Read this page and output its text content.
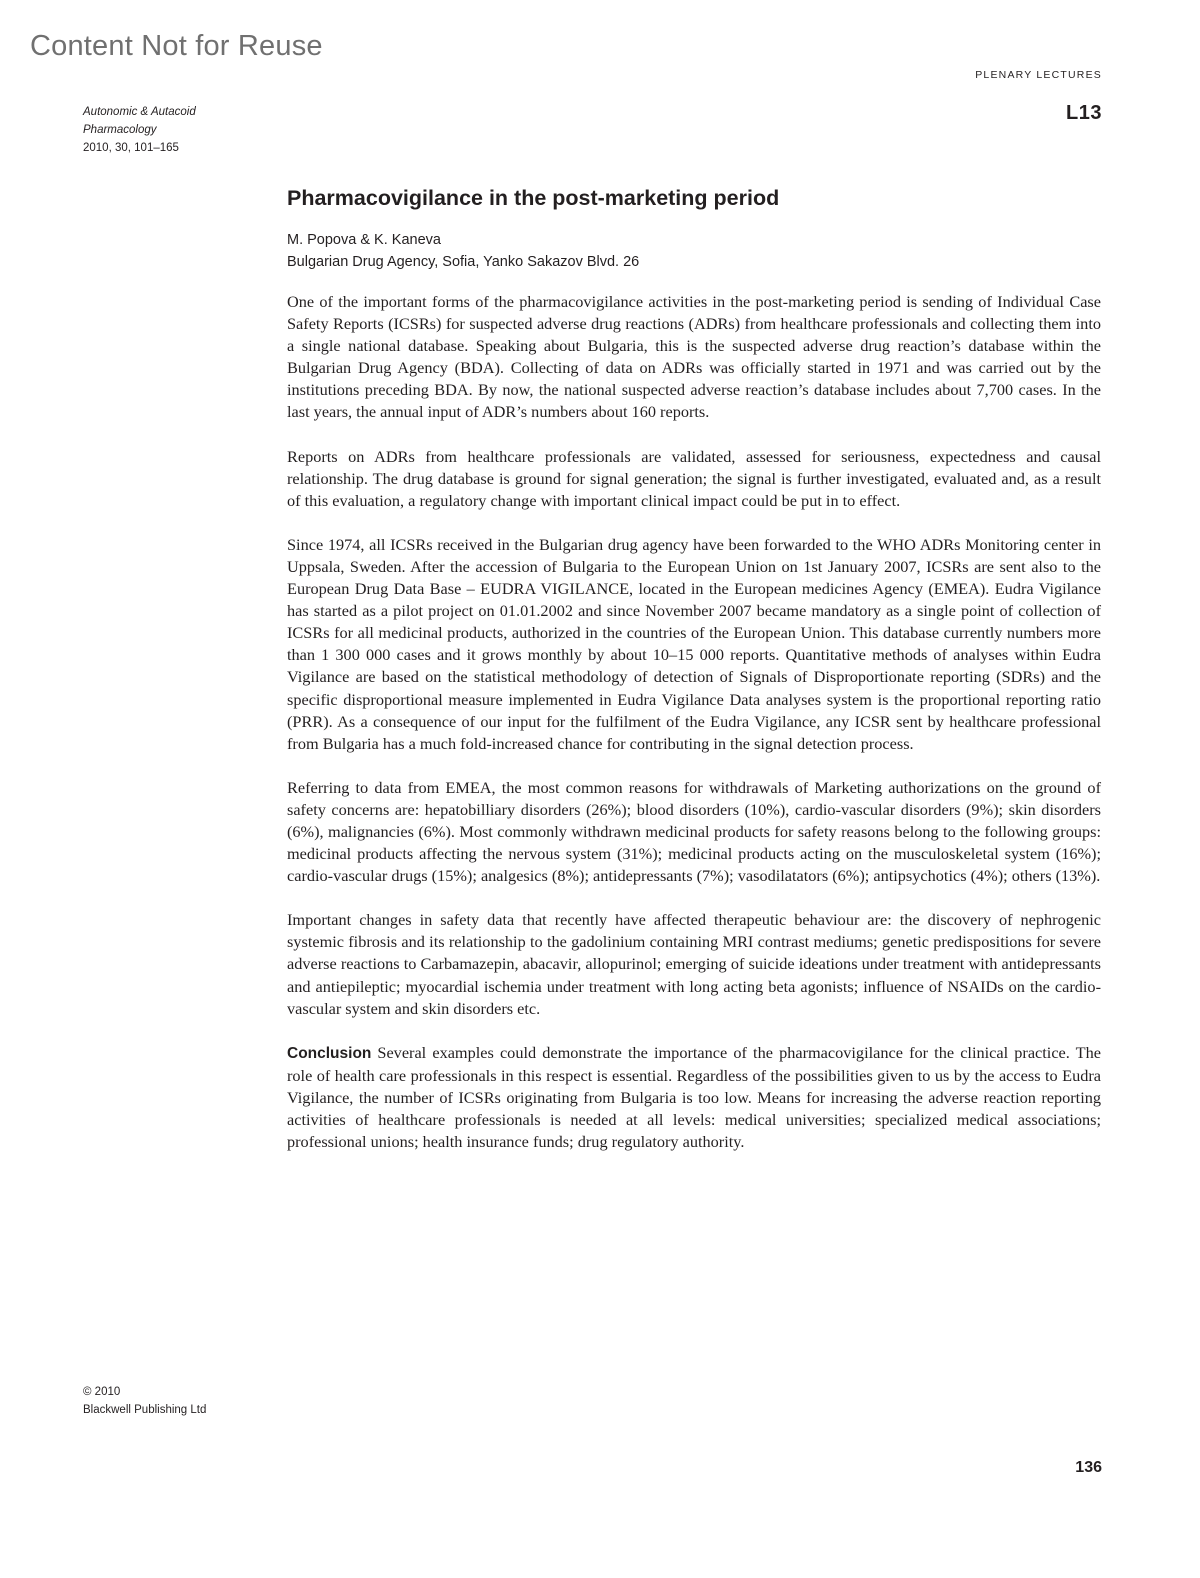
Content Not for Reuse
PLENARY LECTURES
L13
Autonomic & Autacoid
Pharmacology
2010, 30, 101–165
Pharmacovigilance in the post-marketing period
M. Popova & K. Kaneva
Bulgarian Drug Agency, Sofia, Yanko Sakazov Blvd. 26

One of the important forms of the pharmacovigilance activities in the post-marketing period is sending of Individual Case Safety Reports (ICSRs) for suspected adverse drug reactions (ADRs) from healthcare professionals and collecting them into a single national database. Speaking about Bulgaria, this is the suspected adverse drug reaction’s database within the Bulgarian Drug Agency (BDA). Collecting of data on ADRs was officially started in 1971 and was carried out by the institutions preceding BDA. By now, the national suspected adverse reaction’s database includes about 7,700 cases. In the last years, the annual input of ADR’s numbers about 160 reports.

Reports on ADRs from healthcare professionals are validated, assessed for seriousness, expectedness and causal relationship. The drug database is ground for signal generation; the signal is further investigated, evaluated and, as a result of this evaluation, a regulatory change with important clinical impact could be put in to effect.

Since 1974, all ICSRs received in the Bulgarian drug agency have been forwarded to the WHO ADRs Monitoring center in Uppsala, Sweden. After the accession of Bulgaria to the European Union on 1st January 2007, ICSRs are sent also to the European Drug Data Base – EUDRA VIGILANCE, located in the European medicines Agency (EMEA). Eudra Vigilance has started as a pilot project on 01.01.2002 and since November 2007 became mandatory as a single point of collection of ICSRs for all medicinal products, authorized in the countries of the European Union. This database currently numbers more than 1 300 000 cases and it grows monthly by about 10–15 000 reports. Quantitative methods of analyses within Eudra Vigilance are based on the statistical methodology of detection of Signals of Disproportionate reporting (SDRs) and the specific disproportional measure implemented in Eudra Vigilance Data analyses system is the proportional reporting ratio (PRR). As a consequence of our input for the fulfilment of the Eudra Vigilance, any ICSR sent by healthcare professional from Bulgaria has a much fold-increased chance for contributing in the signal detection process.

Referring to data from EMEA, the most common reasons for withdrawals of Marketing authorizations on the ground of safety concerns are: hepatobilliary disorders (26%); blood disorders (10%), cardio-vascular disorders (9%); skin disorders (6%), malignancies (6%). Most commonly withdrawn medicinal products for safety reasons belong to the following groups: medicinal products affecting the nervous system (31%); medicinal products acting on the musculoskeletal system (16%); cardio-vascular drugs (15%); analgesics (8%); antidepressants (7%); vasodilatators (6%); antipsychotics (4%); others (13%).

Important changes in safety data that recently have affected therapeutic behaviour are: the discovery of nephrogenic systemic fibrosis and its relationship to the gadolinium containing MRI contrast mediums; genetic predispositions for severe adverse reactions to Carbamazepin, abacavir, allopurinol; emerging of suicide ideations under treatment with antidepressants and antiepileptic; myocardial ischemia under treatment with long acting beta agonists; influence of NSAIDs on the cardio-vascular system and skin disorders etc.

Conclusion Several examples could demonstrate the importance of the pharmacovigilance for the clinical practice. The role of health care professionals in this respect is essential. Regardless of the possibilities given to us by the access to Eudra Vigilance, the number of ICSRs originating from Bulgaria is too low. Means for increasing the adverse reaction reporting activities of healthcare professionals is needed at all levels: medical universities; specialized medical associations; professional unions; health insurance funds; drug regulatory authority.

© 2010
Blackwell Publishing Ltd
136
